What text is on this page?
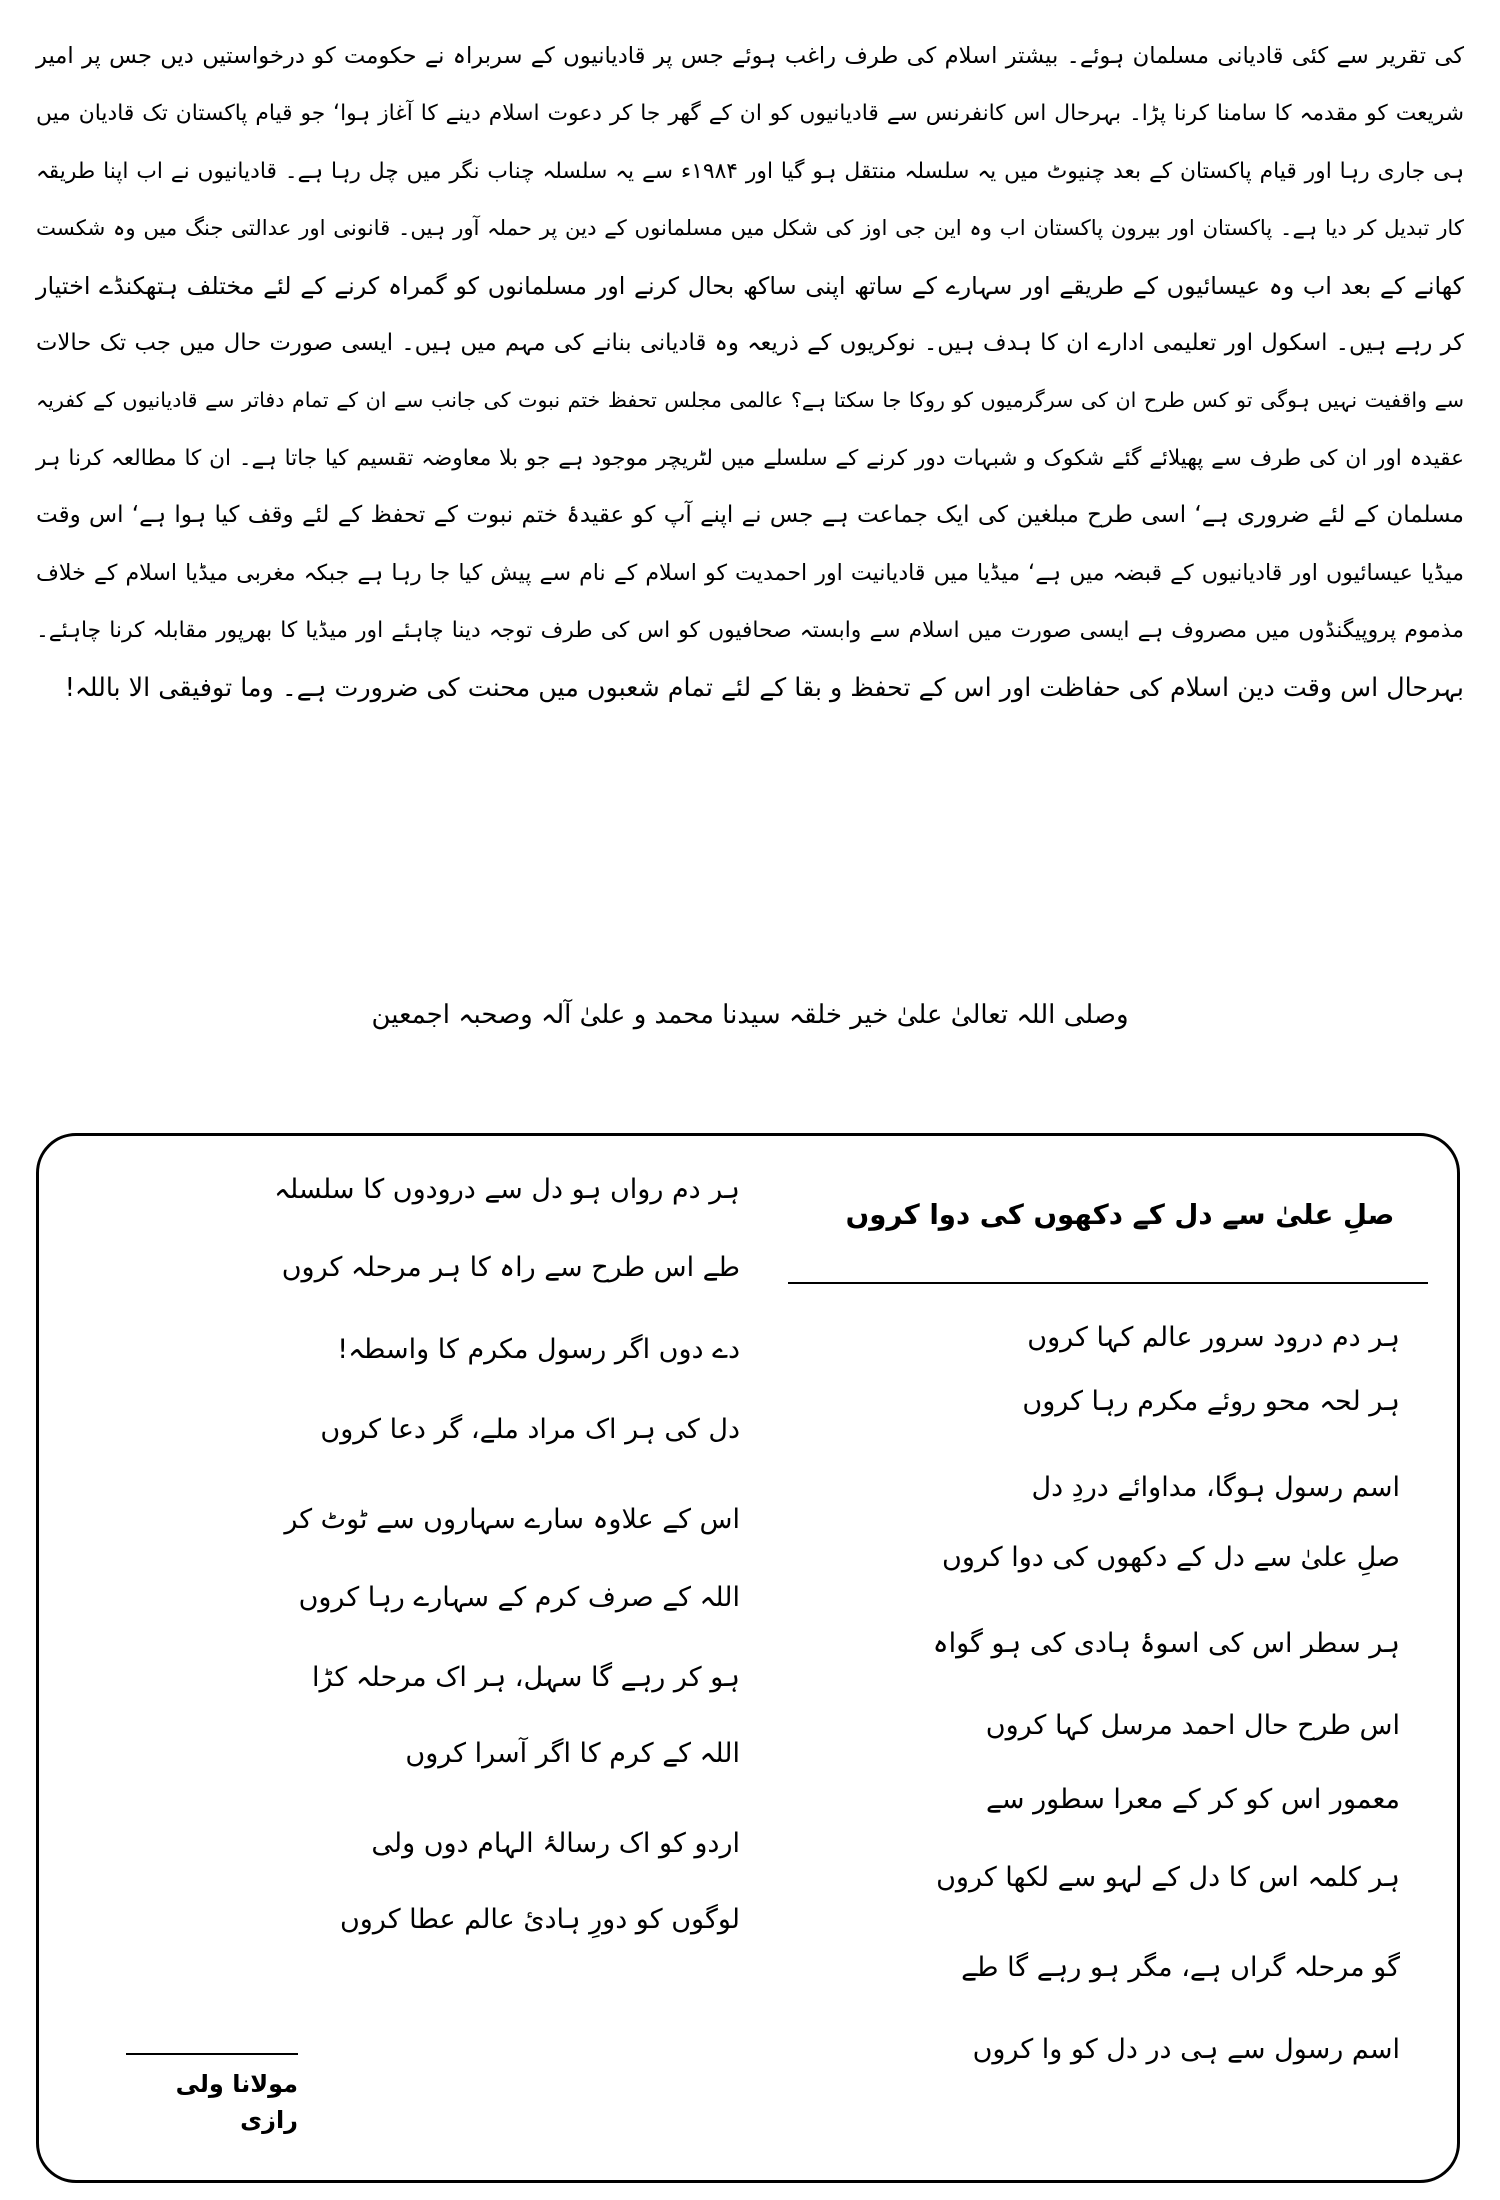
کی تقریر سے کئی قادیانی مسلمان ہوئے۔ بیشتر اسلام کی طرف راغب ہوئے جس پر قادیانیوں کے سربراہ نے حکومت کو درخواستیں دیں جس پر امیر
شریعت کو مقدمہ کا سامنا کرنا پڑا۔ بہرحال اس کانفرنس سے قادیانیوں کو ان کے گھر جا کر دعوت اسلام دینے کا آغاز ہوا‘ جو قیام پاکستان تک قادیان میں
ہی جاری رہا اور قیام پاکستان کے بعد چنیوٹ میں یہ سلسلہ منتقل ہو گیا اور ۱۹۸۴ء سے یہ سلسلہ چناب نگر میں چل رہا ہے۔ قادیانیوں نے اب اپنا طریقہ
کار تبدیل کر دیا ہے۔ پاکستان اور بیرون پاکستان اب وہ این جی اوز کی شکل میں مسلمانوں کے دین پر حملہ آور ہیں۔ قانونی اور عدالتی جنگ میں وہ شکست
کھانے کے بعد اب وہ عیسائیوں کے طریقے اور سہارے کے ساتھ اپنی ساکھ بحال کرنے اور مسلمانوں کو گمراہ کرنے کے لئے مختلف ہتھکنڈے اختیار
کر رہے ہیں۔ اسکول اور تعلیمی ادارے ان کا ہدف ہیں۔ نوکریوں کے ذریعہ وہ قادیانی بنانے کی مہم میں ہیں۔ ایسی صورت حال میں جب تک حالات
سے واقفیت نہیں ہوگی تو کس طرح ان کی سرگرمیوں کو روکا جا سکتا ہے؟ عالمی مجلس تحفظ ختم نبوت کی جانب سے ان کے تمام دفاتر سے قادیانیوں کے کفریہ
عقیدہ اور ان کی طرف سے پھیلائے گئے شکوک و شبہات دور کرنے کے سلسلے میں لٹریچر موجود ہے جو بلا معاوضہ تقسیم کیا جاتا ہے۔ ان کا مطالعہ کرنا ہر
مسلمان کے لئے ضروری ہے‘ اسی طرح مبلغین کی ایک جماعت ہے جس نے اپنے آپ کو عقیدۂ ختم نبوت کے تحفظ کے لئے وقف کیا ہوا ہے‘ اس وقت
میڈیا عیسائیوں اور قادیانیوں کے قبضہ میں ہے‘ میڈیا میں قادیانیت اور احمدیت کو اسلام کے نام سے پیش کیا جا رہا ہے جبکہ مغربی میڈیا اسلام کے خلاف
مذموم پروپیگنڈوں میں مصروف ہے ایسی صورت میں اسلام سے وابستہ صحافیوں کو اس کی طرف توجہ دینا چاہئے اور میڈیا کا بھرپور مقابلہ کرنا چاہئے۔
بہرحال اس وقت دین اسلام کی حفاظت اور اس کے تحفظ و بقا کے لئے تمام شعبوں میں محنت کی ضرورت ہے۔ وما توفیقی الا باللہ!
وصلی اللہ تعالیٰ علیٰ خیر خلقہ سیدنا محمد و علیٰ آلہ وصحبہ اجمعین
صلِ علیٰ سے دل کے دکھوں کی دوا کروں
ہر دم درود سرور عالم کہا کروں
ہر لحہ محو روئے مکرم رہا کروں
اسم رسول ہوگا، مداوائے دردِ دل
صلِ علیٰ سے دل کے دکھوں کی دوا کروں
ہر سطر اس کی اسوۂ ہادی کی ہو گواہ
اس طرح حال احمد مرسل کہا کروں
معمور اس کو کر کے معرا سطور سے
ہر کلمہ اس کا دل کے لہو سے لکھا کروں
گو مرحلہ گراں ہے، مگر ہو رہے گا طے
اسم رسول سے ہی در دل کو وا کروں
ہر دم رواں ہو دل سے درودوں کا سلسلہ
طے اس طرح سے راہ کا ہر مرحلہ کروں
دے دوں اگر رسول مکرم کا واسطہ!
دل کی ہر اک مراد ملے، گر دعا کروں
اس کے علاوہ سارے سہاروں سے ٹوٹ کر
اللہ کے صرف کرم کے سہارے رہا کروں
ہو کر رہے گا سہل، ہر اک مرحلہ کڑا
اللہ کے کرم کا اگر آسرا کروں
اردو کو اک رسالۂ الہام دوں ولی
لوگوں کو دورِ ہادیٔ عالم عطا کروں
مولانا ولی رازی
